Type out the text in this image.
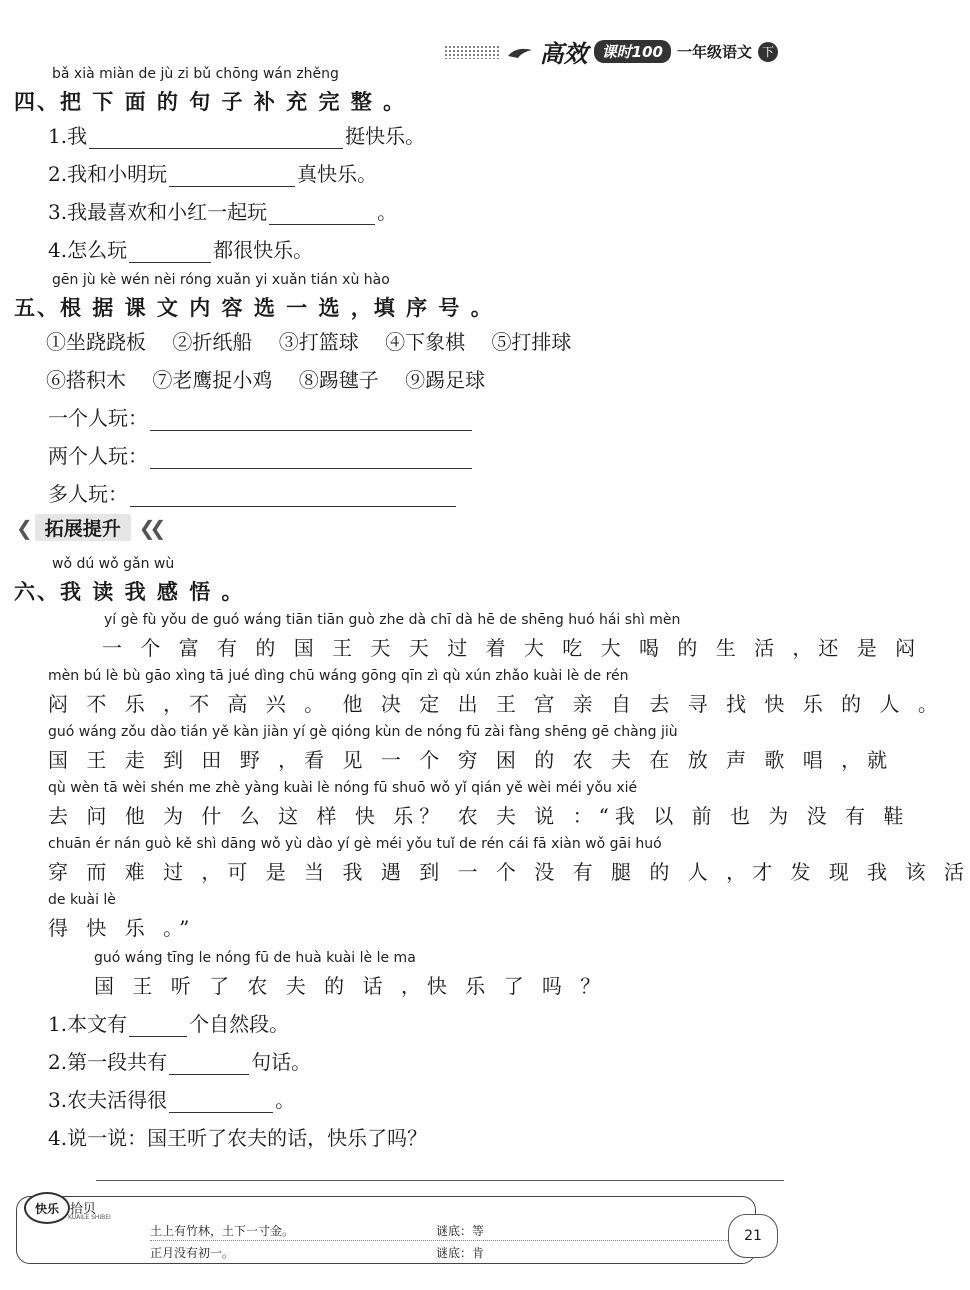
高效 课时100 一年级语文 下
bǎ xià miàn de jù zi bǔ chōng wán zhěng
四、把 下 面 的 句 子 补 充 完 整 。
1.我	挺快乐。
2.我和小明玩	真快乐。
3.我最喜欢和小红一起玩	。
4.怎么玩	都很快乐。
gēn jù kè wén nèi róng xuǎn yi xuǎn tián xù hào
五、根 据 课 文 内 容 选 一 选 ，填 序 号 。
①坐跷跷板 ②折纸船 ③打篮球 ④下象棋 ⑤打排球
⑥搭积木 ⑦老鹰捉小鸡 ⑧踢毽子 ⑨踢足球
一个人玩：
两个人玩：
多人玩：
❮ 拓展提升 ❮❮
wǒ dú wǒ gǎn wù
六、我 读 我 感 悟 。
yí gè fù yǒu de guó wáng tiān tiān guò zhe dà chī dà hē de shēng huó hái shì mèn
一 个 富 有 的 国 王 天 天 过 着 大 吃 大 喝 的 生 活 ，还 是 闷
mèn bú lè bù gāo xìng tā jué dìng chū wáng gōng qīn zì qù xún zhǎo kuài lè de rén
闷 不 乐 ，不 高 兴 。 他 决 定 出 王 宫 亲 自 去 寻 找 快 乐 的 人 。
guó wáng zǒu dào tián yě kàn jiàn yí gè qióng kùn de nóng fū zài fàng shēng gē chàng jiù
国 王 走 到 田 野 ，看 见 一 个 穷 困 的 农 夫 在 放 声 歌 唱 ，就
qù wèn tā wèi shén me zhè yàng kuài lè nóng fū shuō wǒ yǐ qián yě wèi méi yǒu xié
去 问 他 为 什 么 这 样 快 乐？ 农 夫 说 ：“我 以 前 也 为 没 有 鞋
chuān ér nán guò kě shì dāng wǒ yù dào yí gè méi yǒu tuǐ de rén cái fā xiàn wǒ gāi huó
穿 而 难 过 ，可 是 当 我 遇 到 一 个 没 有 腿 的 人 ，才 发 现 我 该 活
de kuài lè
得 快 乐 。”
guó wáng tīng le nóng fū de huà kuài lè le ma
国 王 听 了 农 夫 的 话 ，快 乐 了 吗 ？
1.本文有	个自然段。
2.第一段共有	句话。
3.农夫活得很	。
4.说一说：国王听了农夫的话，快乐了吗？
快乐 拾贝
KUAILE SHIBEI
土上有竹林，土下一寸金。	谜底：等
正月没有初一。	谜底：肯
21
